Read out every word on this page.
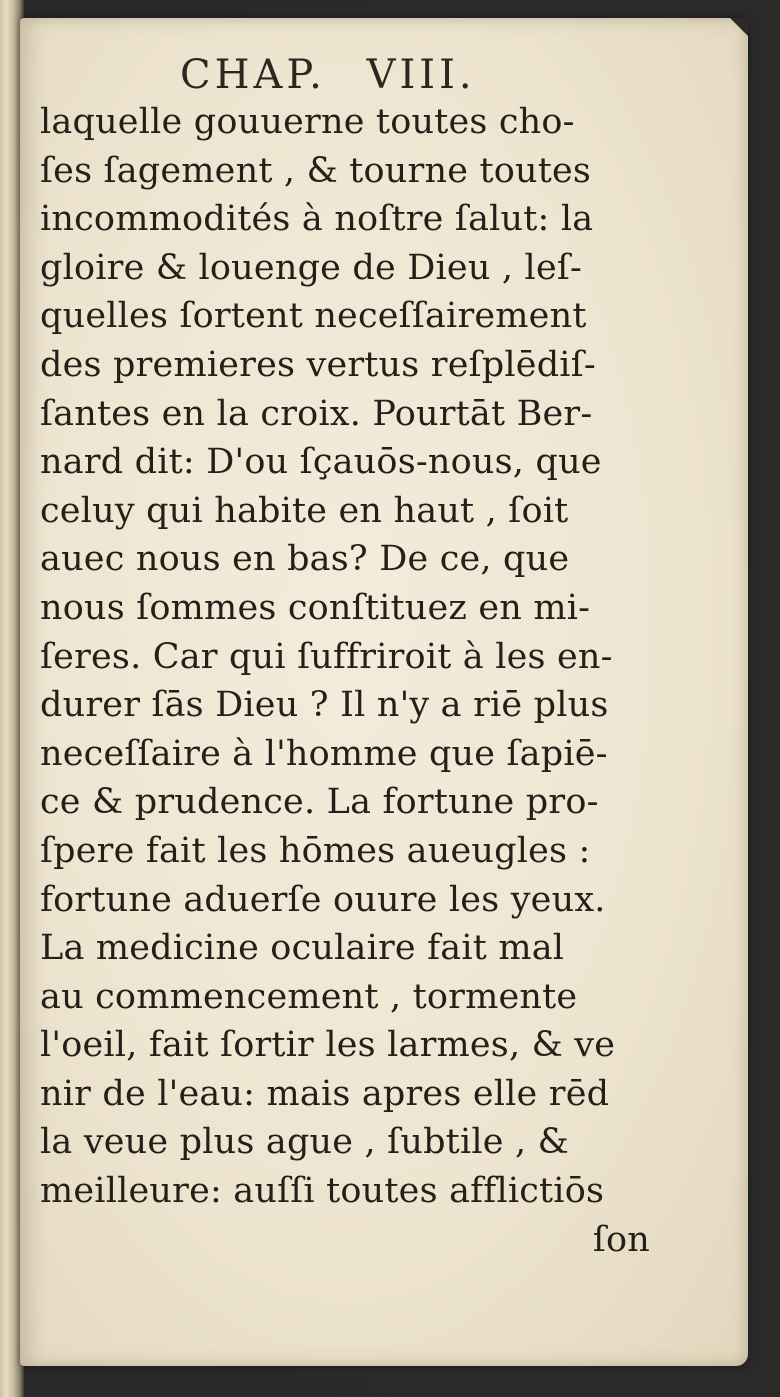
CHAP. VIII.
laquelle gouuerne toutes cho-
ſes ſagement , & tourne toutes
incommodités à noſtre ſalut: la
gloire & louenge de Dieu , leſ-
quelles ſortent neceſſairement
des premieres vertus reſplēdiſ-
ſantes en la croix. Pourtāt Ber-
nard dit: D'ou ſçauōs-nous, que
celuy qui habite en haut , ſoit
auec nous en bas? De ce, que
nous ſommes conſtituez en mi-
ſeres. Car qui ſuffriroit à les en-
durer ſās Dieu ? Il n'y a riē plus
neceſſaire à l'homme que ſapiē-
ce & prudence. La fortune pro-
ſpere fait les hōmes aueugles :
fortune aduerſe ouure les yeux.
La medicine oculaire fait mal
au commencement , tormente
l'oeil, fait ſortir les larmes, & ve
nir de l'eau: mais apres elle rēd
la veue plus ague , ſubtile , &
meilleure: auſſi toutes afflictiōs
ſon
